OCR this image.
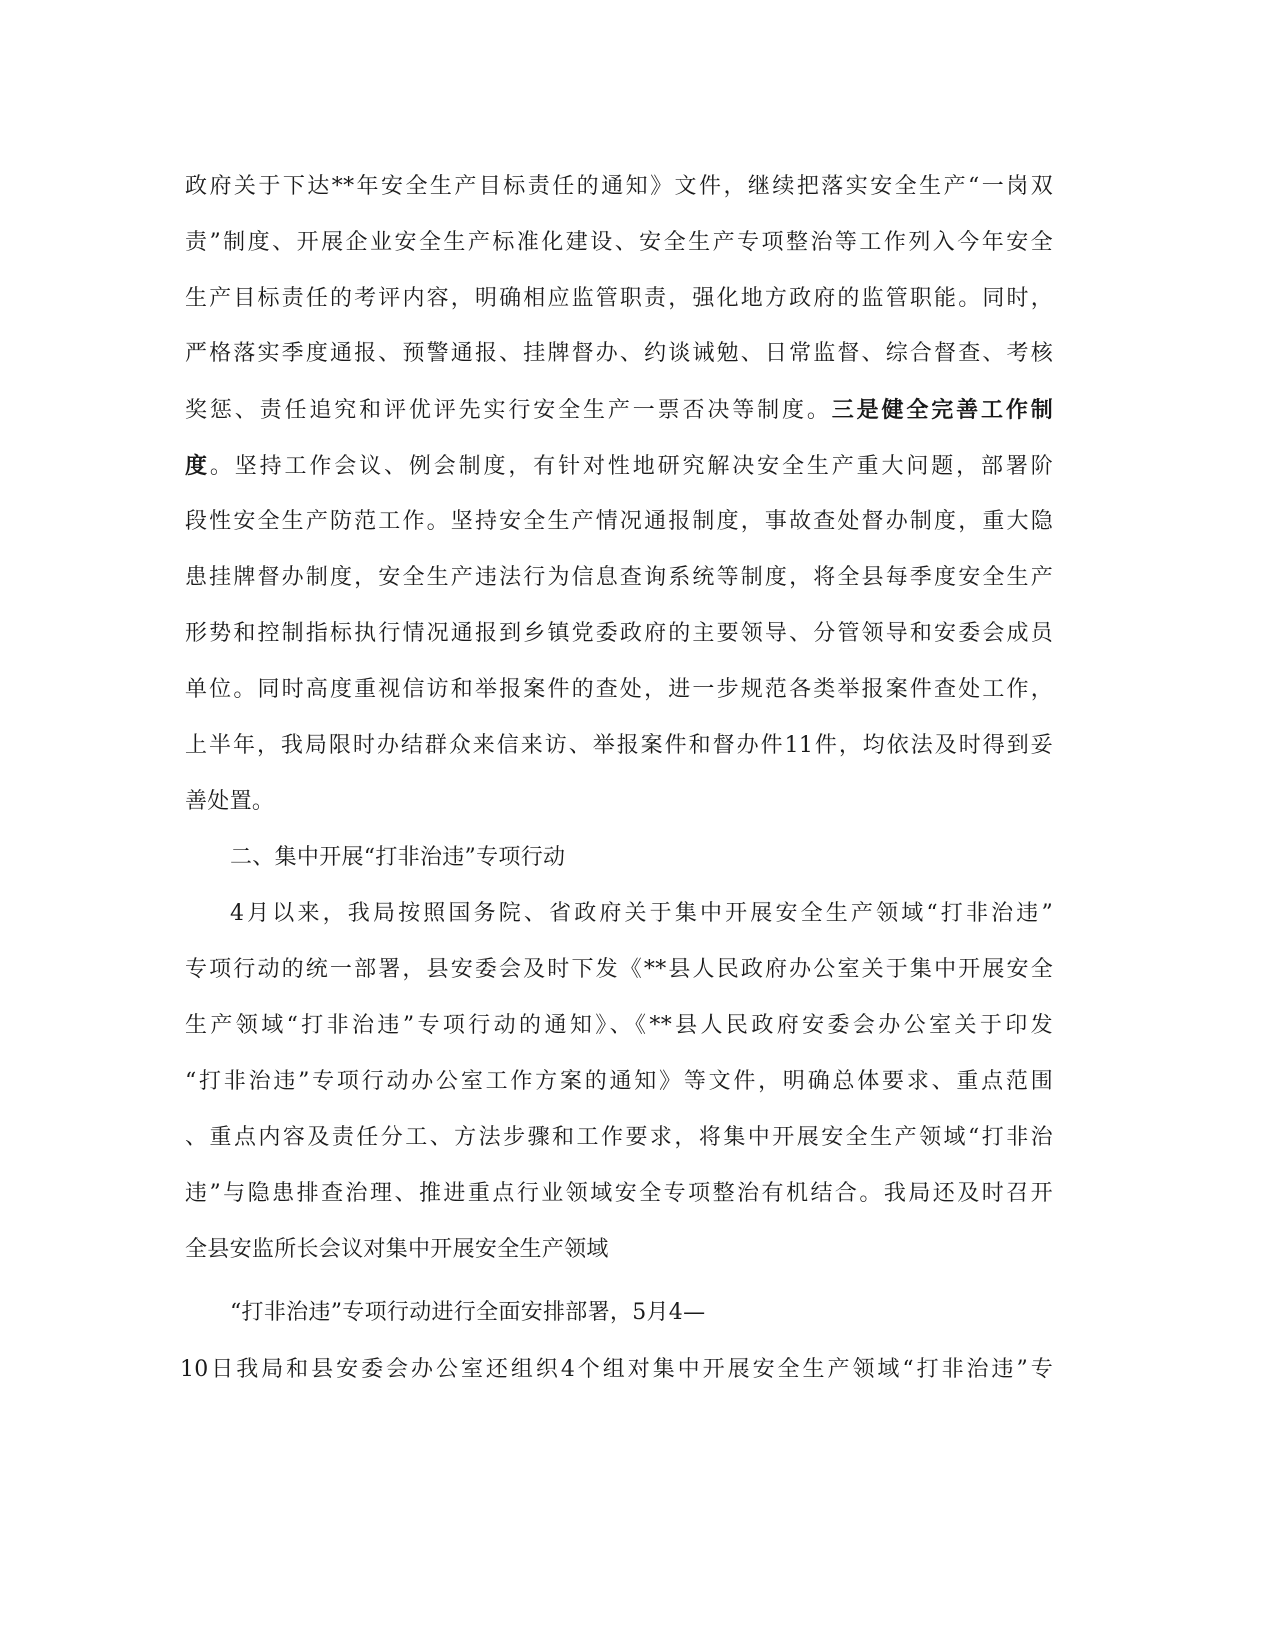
政府关于下达**年安全生产目标责任的通知》文件，继续把落实安全生产“一岗双
责”制度、开展企业安全生产标准化建设、安全生产专项整治等工作列入今年安全
生产目标责任的考评内容，明确相应监管职责，强化地方政府的监管职能。同时，
严格落实季度通报、预警通报、挂牌督办、约谈诫勉、日常监督、综合督查、考核
奖惩、责任追究和评优评先实行安全生产一票否决等制度。三是健全完善工作制
度。坚持工作会议、例会制度，有针对性地研究解决安全生产重大问题，部署阶
段性安全生产防范工作。坚持安全生产情况通报制度，事故查处督办制度，重大隐
患挂牌督办制度，安全生产违法行为信息查询系统等制度，将全县每季度安全生产
形势和控制指标执行情况通报到乡镇党委政府的主要领导、分管领导和安委会成员
单位。同时高度重视信访和举报案件的查处，进一步规范各类举报案件查处工作，
上半年，我局限时办结群众来信来访、举报案件和督办件11件，均依法及时得到妥
善处置。
二、集中开展“打非治违”专项行动
4月以来，我局按照国务院、省政府关于集中开展安全生产领域“打非治违”
专项行动的统一部署，县安委会及时下发《**县人民政府办公室关于集中开展安全
生产领域“打非治违”专项行动的通知》、《**县人民政府安委会办公室关于印发
“打非治违”专项行动办公室工作方案的通知》等文件，明确总体要求、重点范围
、重点内容及责任分工、方法步骤和工作要求，将集中开展安全生产领域“打非治
违”与隐患排查治理、推进重点行业领域安全专项整治有机结合。我局还及时召开
全县安监所长会议对集中开展安全生产领域
“打非治违”专项行动进行全面安排部署，5月4—
10日我局和县安委会办公室还组织4个组对集中开展安全生产领域“打非治违”专
